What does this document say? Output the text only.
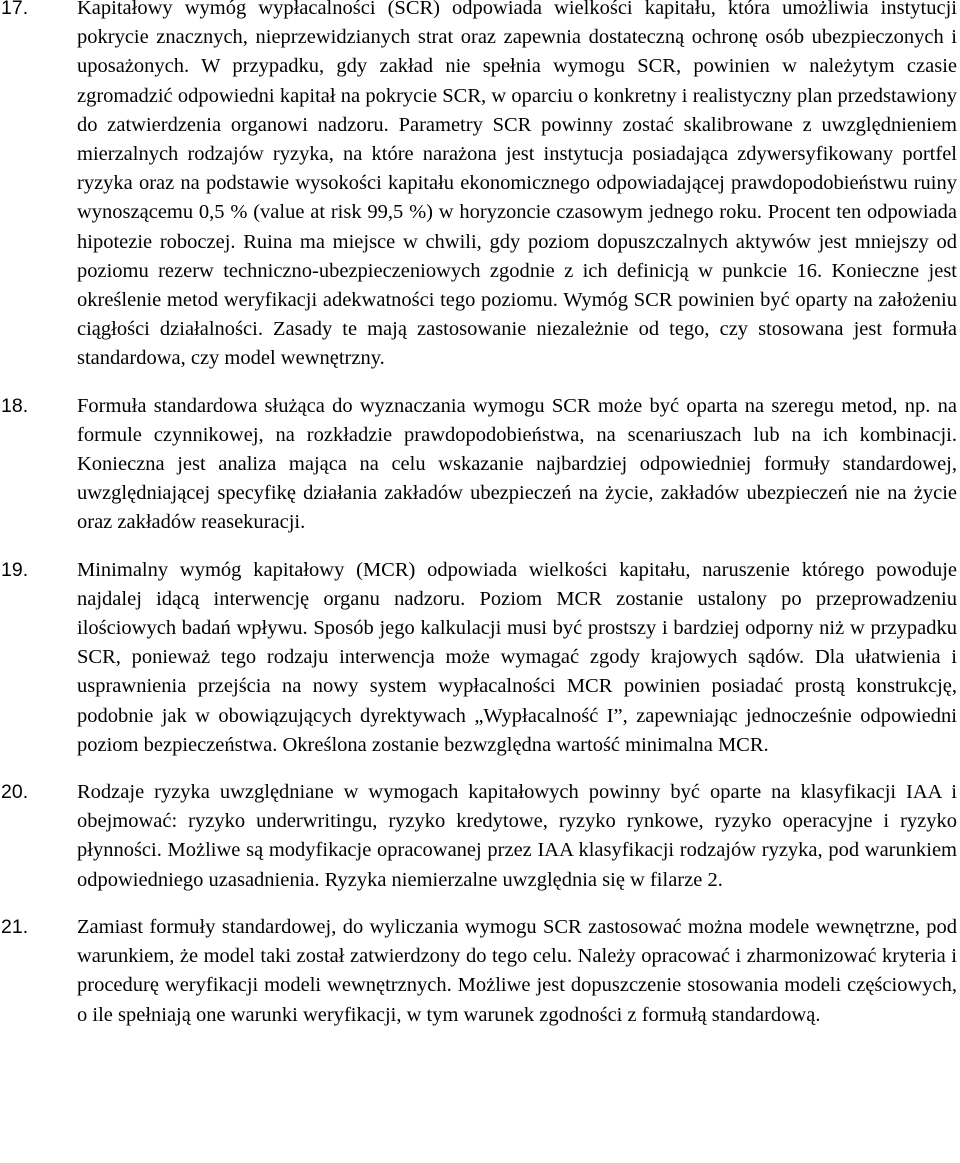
17.	Kapitałowy wymóg wypłacalności (SCR) odpowiada wielkości kapitału, która umożliwia instytucji pokrycie znacznych, nieprzewidzianych strat oraz zapewnia dostateczną ochronę osób ubezpieczonych i uposażonych. W przypadku, gdy zakład nie spełnia wymogu SCR, powinien w należytym czasie zgromadzić odpowiedni kapitał na pokrycie SCR, w oparciu o konkretny i realistyczny plan przedstawiony do zatwierdzenia organowi nadzoru. Parametry SCR powinny zostać skalibrowane z uwzględnieniem mierzalnych rodzajów ryzyka, na które narażona jest instytucja posiadająca zdywersyfikowany portfel ryzyka oraz na podstawie wysokości kapitału ekonomicznego odpowiadającej prawdopodobieństwu ruiny wynoszącemu 0,5 % (value at risk 99,5 %) w horyzoncie czasowym jednego roku. Procent ten odpowiada hipotezie roboczej. Ruina ma miejsce w chwili, gdy poziom dopuszczalnych aktywów jest mniejszy od poziomu rezerw techniczno-ubezpieczeniowych zgodnie z ich definicją w punkcie 16. Konieczne jest określenie metod weryfikacji adekwatności tego poziomu. Wymóg SCR powinien być oparty na założeniu ciągłości działalności. Zasady te mają zastosowanie niezależnie od tego, czy stosowana jest formuła standardowa, czy model wewnętrzny.
18.	Formuła standardowa służąca do wyznaczania wymogu SCR może być oparta na szeregu metod, np. na formule czynnikowej, na rozkładzie prawdopodobieństwa, na scenariuszach lub na ich kombinacji. Konieczna jest analiza mająca na celu wskazanie najbardziej odpowiedniej formuły standardowej, uwzględniającej specyfikę działania zakładów ubezpieczeń na życie, zakładów ubezpieczeń nie na życie oraz zakładów reasekuracji.
19.	Minimalny wymóg kapitałowy (MCR) odpowiada wielkości kapitału, naruszenie którego powoduje najdalej idącą interwencję organu nadzoru. Poziom MCR zostanie ustalony po przeprowadzeniu ilościowych badań wpływu. Sposób jego kalkulacji musi być prostszy i bardziej odporny niż w przypadku SCR, ponieważ tego rodzaju interwencja może wymagać zgody krajowych sądów. Dla ułatwienia i usprawnienia przejścia na nowy system wypłacalności MCR powinien posiadać prostą konstrukcję, podobnie jak w obowiązujących dyrektywach „Wypłacalność I”, zapewniając jednocześnie odpowiedni poziom bezpieczeństwa. Określona zostanie bezwzględna wartość minimalna MCR.
20.	Rodzaje ryzyka uwzględniane w wymogach kapitałowych powinny być oparte na klasyfikacji IAA i obejmować: ryzyko underwritingu, ryzyko kredytowe, ryzyko rynkowe, ryzyko operacyjne i ryzyko płynności. Możliwe są modyfikacje opracowanej przez IAA klasyfikacji rodzajów ryzyka, pod warunkiem odpowiedniego uzasadnienia. Ryzyka niemierzalne uwzględnia się w filarze 2.
21.	Zamiast formuły standardowej, do wyliczania wymogu SCR zastosować można modele wewnętrzne, pod warunkiem, że model taki został zatwierdzony do tego celu. Należy opracować i zharmonizować kryteria i procedurę weryfikacji modeli wewnętrznych. Możliwe jest dopuszczenie stosowania modeli częściowych, o ile spełniają one warunki weryfikacji, w tym warunek zgodności z formułą standardową.
